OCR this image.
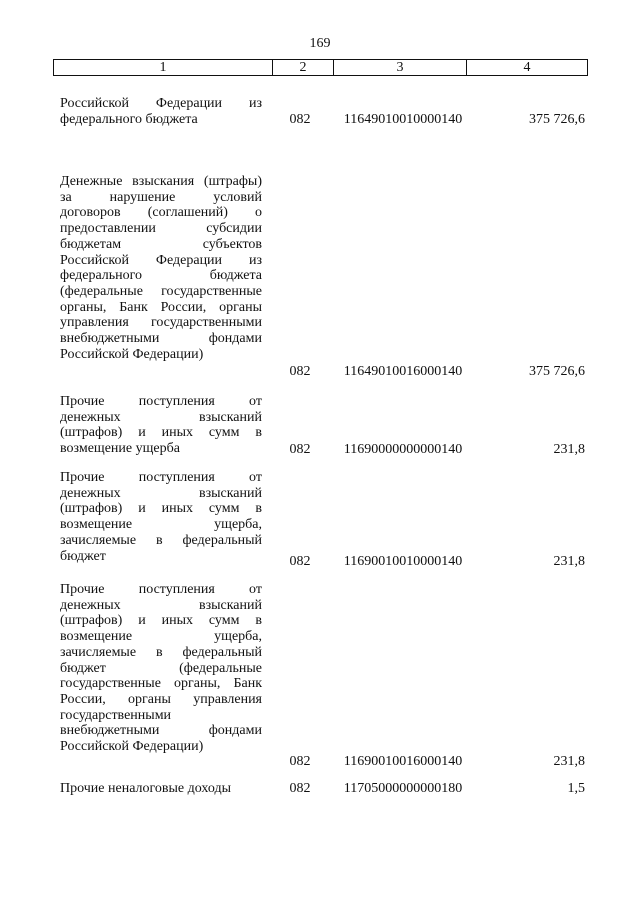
169
1	2	3	4
Российской Федерации из
федерального бюджета	082	11649010010000140	375 726,6
Денежные взыскания (штрафы)
за нарушение условий
договоров (соглашений) о
предоставлении субсидии
бюджетам субъектов
Российской Федерации из
федерального бюджета
(федеральные государственные
органы, Банк России, органы
управления государственными
внебюджетными фондами
Российской Федерации)
082	11649010016000140	375 726,6
Прочие поступления от
денежных взысканий
(штрафов) и иных сумм в
возмещение ущерба	082	11690000000000140	231,8
Прочие поступления от
денежных взысканий
(штрафов) и иных сумм в
возмещение ущерба,
зачисляемые в федеральный
бюджет	082	11690010010000140	231,8
Прочие поступления от
денежных взысканий
(штрафов) и иных сумм в
возмещение ущерба,
зачисляемые в федеральный
бюджет (федеральные
государственные органы, Банк
России, органы управления
государственными
внебюджетными фондами
Российской Федерации)
082	11690010016000140	231,8
Прочие неналоговые доходы	082	11705000000000180	1,5
